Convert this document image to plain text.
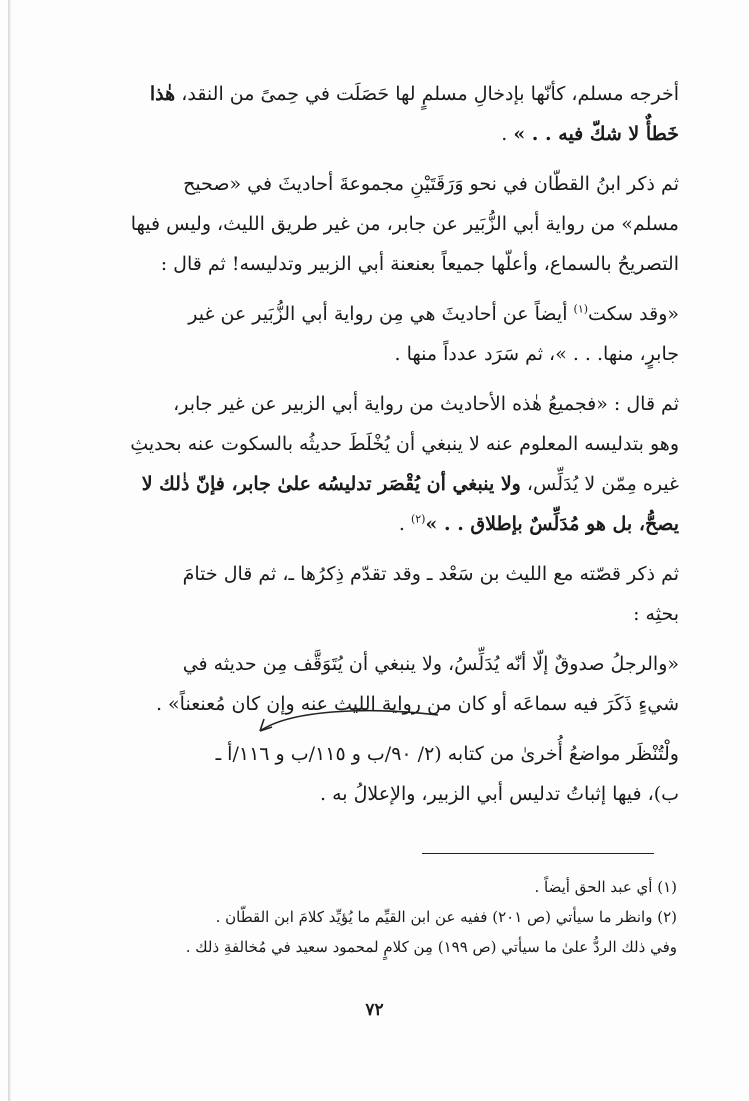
أخرجه مسلم، كأنّها بإدخالِ مسلمٍ لها حَصَلَت في حِمىً من النقد، هٰذا
خَطأٌ لا شكّ فيه . . » .
ثم ذكر ابنُ القطّان في نحو وَرَقَتَيْنِ مجموعةَ أحاديثَ في «صحيح
مسلم» من رواية أبي الزُّبَير عن جابر، من غير طريق الليث، وليس فيها
التصريحُ بالسماع، وأعلّها جميعاً بعنعنة أبي الزبير وتدليسه! ثم قال :
«وقد سكت$^{(١)}$ أيضاً عن أحاديثَ هي مِن رواية أبي الزُّبَير عن غير
جابرٍ، منها. . . »، ثم سَرَد عدداً منها .
ثم قال : «فجميعُ هٰذه الأحاديث من رواية أبي الزبير عن غير جابر،
وهو بتدليسه المعلوم عنه لا ينبغي أن يُخْلَطَ حديثُه بالسكوت عنه بحديثِ
غيره مِمّن لا يُدَلِّس، ولا ينبغي أن يُقْصَر تدليسُه علىٰ جابر، فإنّ ذٰلك لا
يصحُّ، بل هو مُدَلِّسٌ بإطلاق . . »$^{(٢)}$ .
ثم ذكر قصّته مع الليث بن سَعْد ـ وقد تقدّم ذِكرُها ـ، ثم قال ختامَ
بحثِه :
«والرجلُ صدوقٌ إلّا أنّه يُدَلِّسُ، ولا ينبغي أن يُتَوَقَّف مِن حديثه في
شيءٍ ذَكَرَ فيه سماعَه أو كان من رواية الليث عنه وإن كان مُعنعناً» .
ولْتُنْظَر مواضعُ أُخرىٰ من كتابه (٢/ ٩٠/ب و ١١٥/ب و ١١٦/أ ـ
ب)، فيها إثباتُ تدليس أبي الزبير، والإعلالُ به .
(١) أي عبد الحق أيضاً .
(٢) وانظر ما سيأتي (ص ٢٠١) ففيه عن ابن القيِّم ما يُؤيِّد كلامَ ابن القطّان .
وفي ذلك الردُّ علىٰ ما سيأتي (ص ١٩٩) مِن كلامٍ لمحمود سعيد في مُخالفةِ ذلك .
٧٢
